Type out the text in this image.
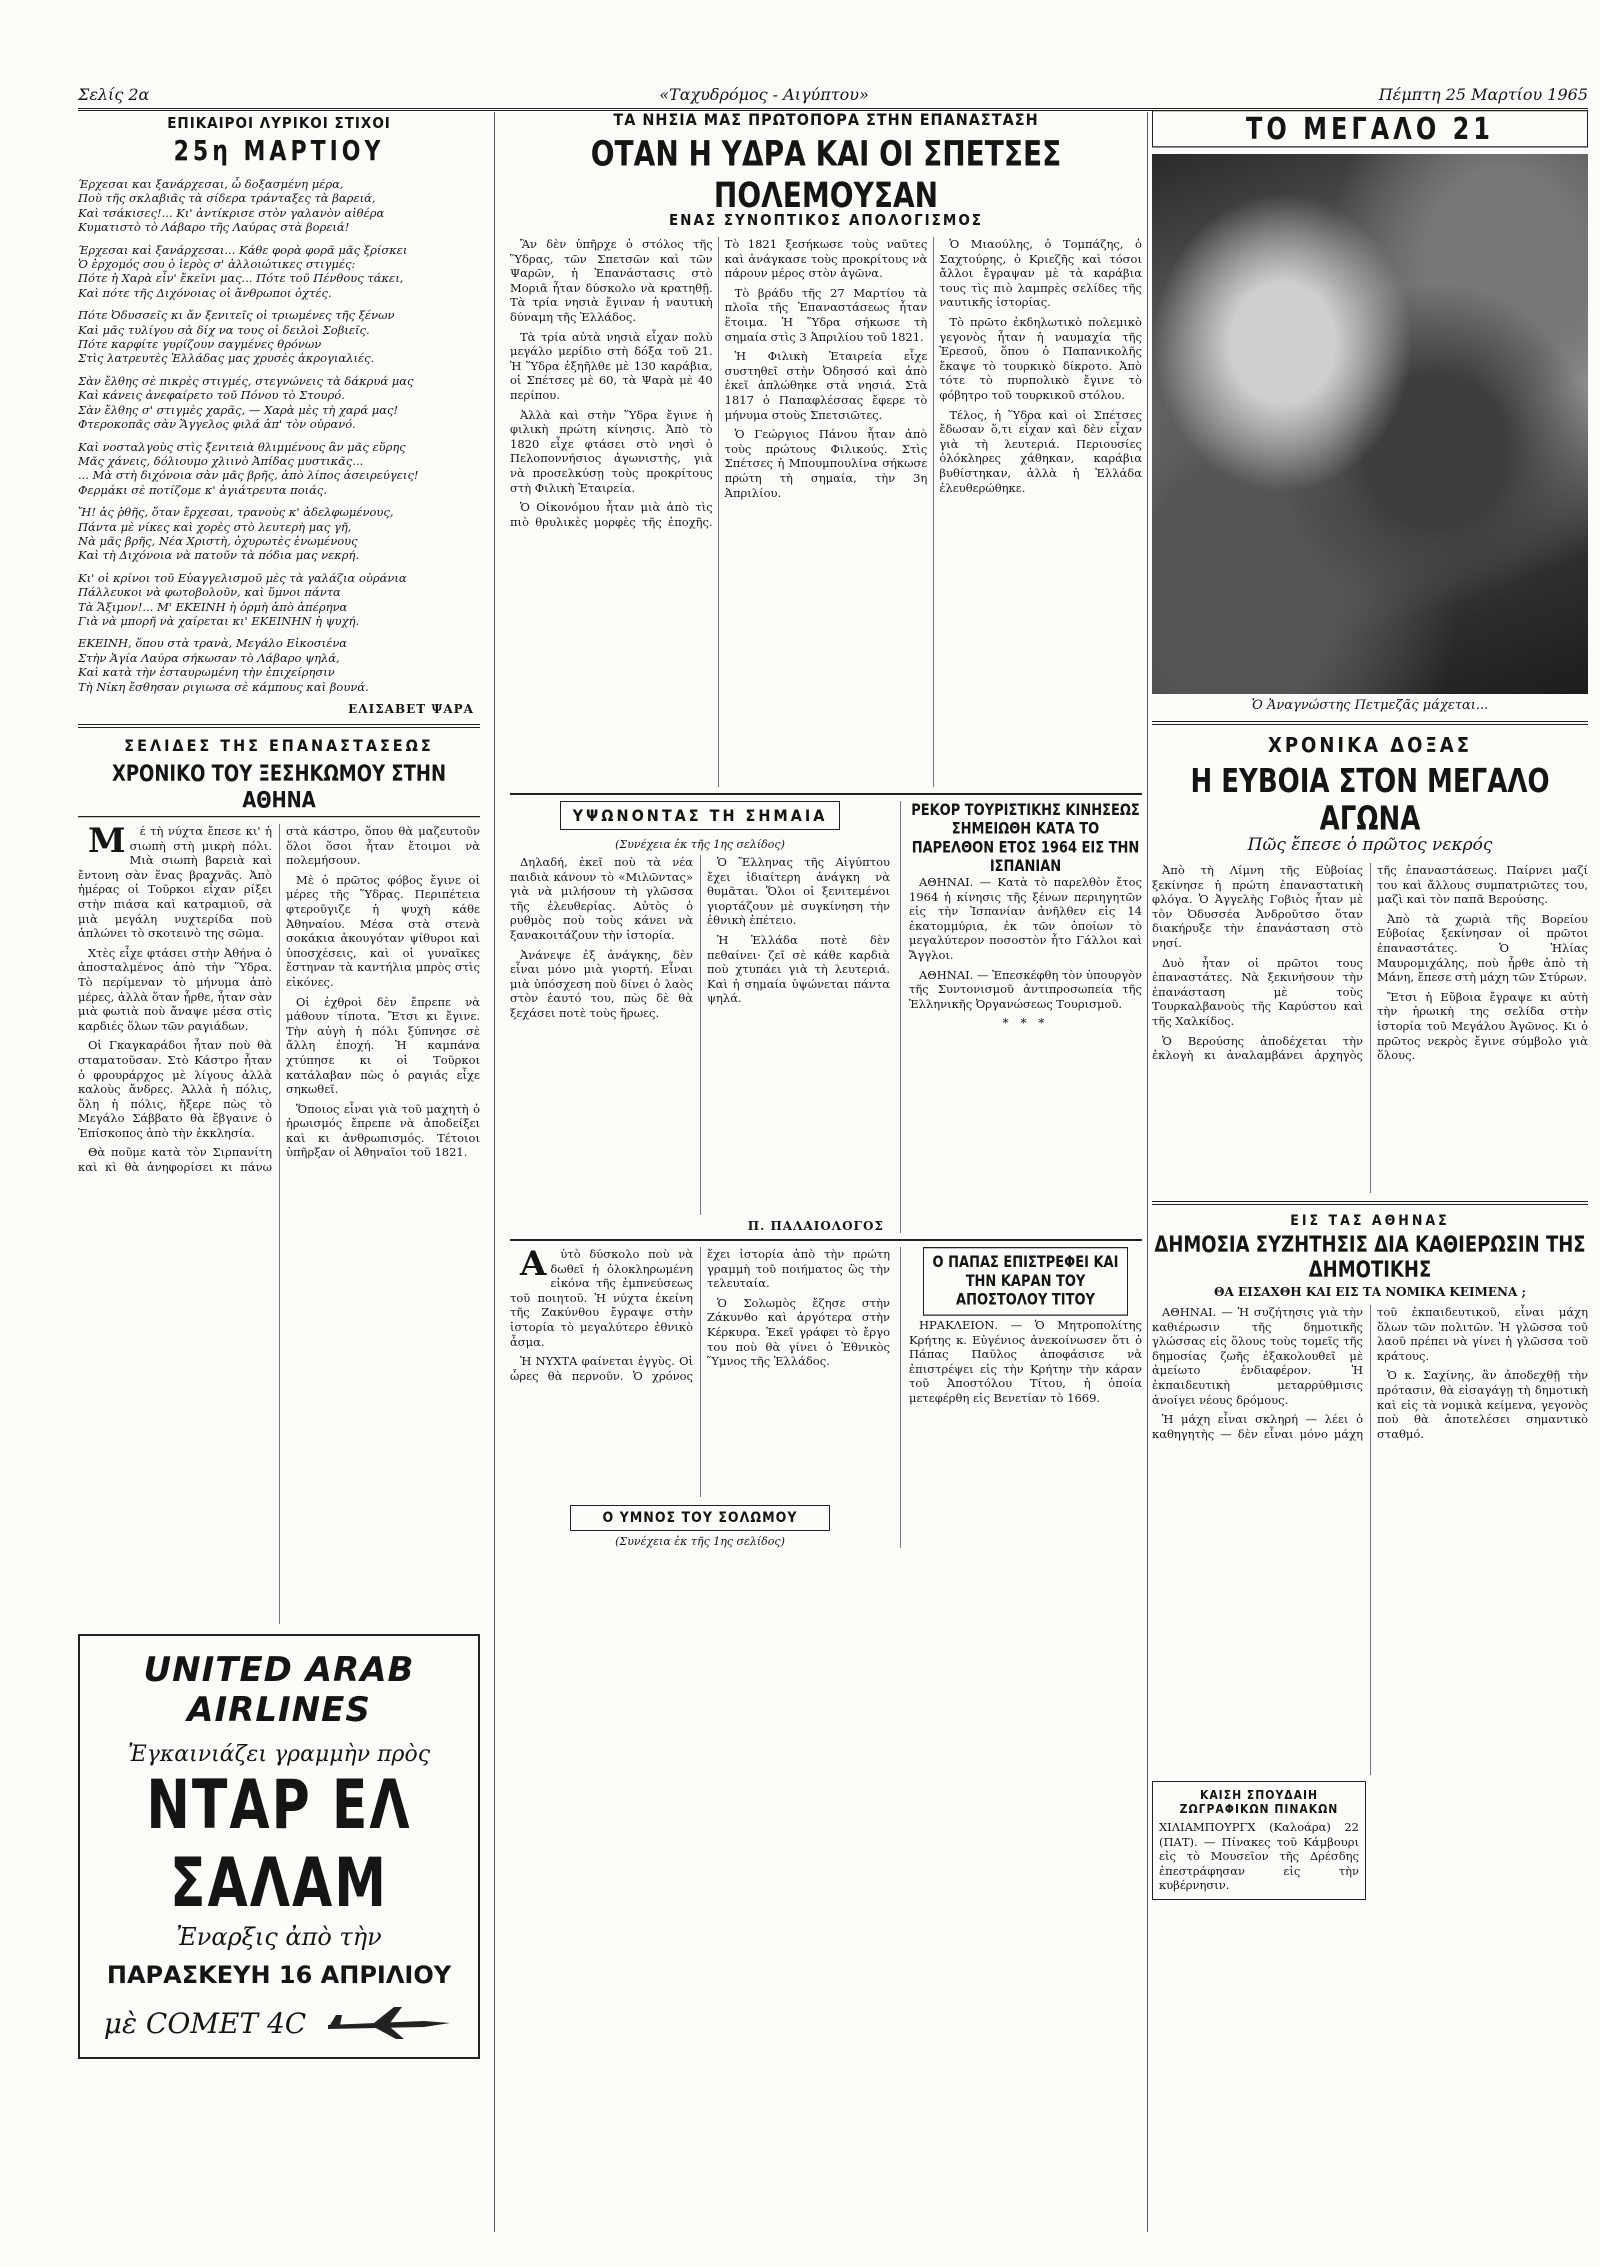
Σελίς 2α	«Ταχυδρόμος - Αιγύπτου»	Πέμπτη 25 Μαρτίου 1965
ΕΠΙΚΑΙΡΟΙ ΛΥΡΙΚΟΙ ΣΤΙΧΟΙ
25η ΜΑΡΤΙΟΥ

Έρχεσαι και ξανάρχεσαι, ὦ δοξασμένη μέρα,
Ποὺ τῆς σκλαβιᾶς τὰ σίδερα τράνταξες τὰ βαρειά,
Καὶ τσάκισες!... Κι' ἀντίκρισε στὸν γαλανὸν αἰθέρα
Κυματιστὸ τὸ Λάβαρο τῆς Λαύρας στὰ βορειά!

Έρχεσαι καὶ ξανάρχεσαι... Κάθε φορὰ φορᾶ μᾶς ξρίσκει
Ὁ ἐρχομός σου ὁ ἱερὸς σ' ἀλλοιώτικες στιγμές:
Πότε ἡ Χαρὰ εἶν' ἔκεῖνι μας... Πότε τοῦ Πένθους τάκει,
Καὶ πότε τῆς Διχόνοιας οἱ ἄνθρωποι ὀχτές.

Πότε Ὀδυσσεῖς κι ἄν ξενιτεῖς οἱ τριωμένες τῆς ξένων
Καὶ μᾶς τυλίγου σὰ δίχ να τους οἱ δειλοὶ Σοβιεῖς.
Πότε καρφίτε γυρίζουν σαγμένες θρόνων
Στὶς λατρευτὲς Ἑλλάδας μας χρυσὲς ἀκρογιαλιές.

Σὰν ἔλθης σὲ πικρὲς στιγμές, στεγνώνεις τὰ δάκρυά μας
Καὶ κάνεις ἀνεφαίρετο τοῦ Πόνου τὸ Στουρό.
Σὰν ἔλθης σ' στιγμὲς χαρᾶς, — Χαρὰ μὲς τὴ χαρά μας!
Φτεροκοπᾶς σὰν Ἄγγελος φιλά ἀπ' τὸν οὐρανό.

Καὶ νοσταλγοὺς στὶς ξενιτειὰ θλιμμένους ἂν μᾶς εὕρης
Μᾶς χάνεις, δόλιουμο χλιινὸ Ἀπίδας μυστικᾶς...
... Μὰ στὴ διχόνοια σὰν μᾶς βρῆς, ἀπὸ λίπος ἀσειρεύγεις!
Φερμάκι σὲ ποτίζομε κ' ἀγιάτρευτα ποιάς.

Ἤ! ἀς ῥθῆς, ὅταν ἔρχεσαι, τρανοὺς κ' ἀδελφωμένους,
Πάντα μὲ νίκες καὶ χορὲς στὸ λευτερὴ μας γῆ,
Νὰ μᾶς βρῆς, Νέα Χριστὴ, ὀχυρωτὲς ἐνωμένους
Καὶ τὴ Διχόνοια νὰ πατοῦν τὰ πόδια μας νεκρή.

Κι' οἱ κρίνοι τοῦ Εὐαγγελισμοῦ μὲς τὰ γαλάζια οὐράνια
Πάλλευκοι νὰ φωτοβολοῦν, καὶ ὕμνοι πάντα
Τὰ Ἄξιμον!... Μ' ΕΚΕΙΝΗ ἡ ὀρμὴ ἀπὸ ἀπέρηνα
Γιὰ νὰ μπορῆ νὰ χαίρεται κι' ΕΚΕΙΝΗΝ ἡ ψυχή.

ΕΚΕΙΝΗ, ὅπου στὰ τρανὰ, Μεγάλο Εἰκοσιένα
Στὴν Ἁγία Λαύρα σήκωσαν τὸ Λάβαρο ψηλά,
Καὶ κατὰ τὴν ἐσταυρωμένη τὴν ἐπιχείρησιν
Τὴ Νίκη ἔσθησαν ριγιωσα σὲ κάμπους καὶ βουνά.

ΕΛΙΣΑΒΕΤ ΨΑΡΑ
ΣΕΛΙΔΕΣ ΤΗΣ ΕΠΑΝΑΣΤΑΣΕΩΣ
ΧΡΟΝΙΚΟ ΤΟΥ ΞΕΣΗΚΩΜΟΥ ΣΤΗΝ ΑΘΗΝΑ

Μέ τὴ νύχτα ἔπεσε κι' ἡ σιωπὴ στὴ μικρὴ πόλι. Μιὰ σιωπὴ βαρειὰ καὶ ἔντονη σὰν ἕνας βραχνᾶς. Ἀπὸ ἡμέρας οἱ Τοῦρκοι εἶχαν ρίξει στὴν πιάσα καὶ κατραμιοῦ, σὰ μιὰ μεγάλη νυχτερίδα ποὺ ἁπλώνει τὸ σκοτεινὸ της σῶμα.

Χτὲς εἶχε φτάσει στὴν Ἀθήνα ὁ ἀποσταλμένος ἀπὸ τὴν Ὕδρα. Τὸ περίμεναν τὸ μήνυμα ἀπὸ μέρες, ἀλλὰ ὅταν ἦρθε, ἦταν σὰν μιὰ φωτιὰ ποὺ ἄναψε μέσα στὶς καρδιές ὅλων τῶν ραγιάδων.

Οἱ Γκαγκαράδοι ἦταν ποὺ θὰ σταματοῦσαν. Στὸ Κάστρο ἦταν ὁ φρουράρχος μὲ λίγους ἀλλὰ καλοὺς ἄνδρες. Ἀλλὰ ἡ πόλις, ὅλη ἡ πόλις, ἤξερε πὼς τὸ Μεγάλο Σάββατο θὰ ἔβγαινε ὁ Ἐπίσκοπος ἀπὸ τὴν ἐκκλησία.

Θὰ ποῦμε κατὰ τὸν Σιρπανίτη καὶ κὶ θὰ ἀνηφορίσει κι πάνω στὰ κάστρο, ὅπου θὰ μαζευτοῦν ὅλοι ὅσοι ἦταν ἔτοιμοι νὰ πολεμήσουν.

Μὲ ὁ πρῶτος φόβος ἔγινε οἱ μέρες τῆς Ὕδρας. Περιπέτεια φτεροῦγιζε ἡ ψυχὴ κάθε Ἀθηναίου. Μέσα στὰ στενὰ σοκάκια ἀκουγόταν ψίθυροι καὶ ὑποσχέσεις, καὶ οἱ γυναῖκες ἔστηναν τὰ καντήλια μπρὸς στὶς εἰκόνες.

Οἱ ἐχθροὶ δὲν ἔπρεπε νὰ μάθουν τίποτα. Ἔτσι κι ἔγινε. Τὴν αὐγὴ ἡ πόλι ξύπνησε σὲ ἄλλη ἐποχή. Ἡ καμπάνα χτύπησε κι οἱ Τοῦρκοι κατάλαβαν πὼς ὁ ραγιάς εἶχε σηκωθεῖ.

Ὅποιος εἶναι γιὰ τοῦ μαχητὴ ὁ ἡρωισμός ἔπρεπε νὰ ἀποδείξει καὶ κι ἀνθρωπισμός. Τέτοιοι ὑπῆρξαν οἱ Ἀθηναῖοι τοῦ 1821.

UNITED ARAB AIRLINES
Ἐγκαινιάζει γραμμὴν πρὸς
ΝΤΑΡ ΕΛ ΣΑΛΑΜ
Ἐναρξις ἀπὸ τὴν
ΠΑΡΑΣΚΕΥΗ 16 ΑΠΡΙΛΙΟΥ
μὲ COMET 4C
ΤΑ ΝΗΣΙΑ ΜΑΣ ΠΡΩΤΟΠΟΡΑ ΣΤΗΝ ΕΠΑΝΑΣΤΑΣΗ
ΟΤΑΝ Η ΥΔΡΑ ΚΑΙ ΟΙ ΣΠΕΤΣΕΣ ΠΟΛΕΜΟΥΣΑΝ
ΕΝΑΣ ΣΥΝΟΠΤΙΚΟΣ ΑΠΟΛΟΓΙΣΜΟΣ

Ἂν δὲν ὑπῆρχε ὁ στόλος τῆς Ὕδρας, τῶν Σπετσῶν καὶ τῶν Ψαρῶν, ἡ Ἐπανάστασις στὸ Μοριᾶ ἦταν δύσκολο νὰ κρατηθῇ. Τὰ τρία νησιὰ ἔγιναν ἡ ναυτικὴ δύναμη τῆς Ἑλλάδος.

Τὰ τρία αὐτὰ νησιὰ εἶχαν πολὺ μεγάλο μερίδιο στὴ δόξα τοῦ 21. Ἡ Ὕδρα ἐξηῆλθε μὲ 130 καράβια, οἱ Σπέτσες μὲ 60, τὰ Ψαρὰ μὲ 40 περίπου.

Ἀλλὰ καὶ στὴν Ὕδρα ἔγινε ἡ φιλικὴ πρώτη κίνησις. Ἀπὸ τὸ 1820 εἶχε φτάσει στὸ νησὶ ὁ Πελοποννήσιος ἀγωνιστὴς, γιὰ νὰ προσελκύσῃ τοὺς προκρίτους στὴ Φιλικὴ Ἑταιρεία.

Ὁ Οἰκονόμου ἦταν μιὰ ἀπὸ τὶς πιὸ θρυλικὲς μορφὲς τῆς ἐποχῆς. Τὸ 1821 ξεσήκωσε τοὺς ναῦτες καὶ ἀνάγκασε τοὺς προκρίτους νὰ πάρουν μέρος στὸν ἀγῶνα.

Τὸ βράδυ τῆς 27 Μαρτίου τὰ πλοῖα τῆς Ἐπαναστάσεως ἦταν ἕτοιμα. Ἡ Ὕδρα σήκωσε τὴ σημαία στὶς 3 Ἀπριλίου τοῦ 1821.

Ἡ Φιλικὴ Ἑταιρεία εἶχε συστηθεῖ στὴν Ὀδησσό καὶ ἀπὸ ἐκεῖ ἁπλώθηκε στὰ νησιά. Στὰ 1817 ὁ Παπαφλέσσας ἔφερε τὸ μήνυμα στοὺς Σπετσιῶτες.

Ὁ Γεώργιος Πάνου ἦταν ἀπὸ τοὺς πρώτους Φιλικούς. Στὶς Σπέτσες ἡ Μπουμπουλίνα σήκωσε πρώτη τὴ σημαία, τὴν 3η Ἀπριλίου.

Ὁ Μιαούλης, ὁ Τομπάζης, ὁ Σαχτούρης, ὁ Κριεζῆς καὶ τόσοι ἄλλοι ἔγραψαν μὲ τὰ καράβια τους τὶς πιὸ λαμπρὲς σελίδες τῆς ναυτικῆς ἱστορίας.

Τὸ πρῶτο ἐκδηλωτικὸ πολεμικὸ γεγονὸς ἦταν ἡ ναυμαχία τῆς Ἐρεσοῦ, ὅπου ὁ Παπανικολῆς ἔκαψε τὸ τουρκικὸ δίκροτο. Ἀπὸ τότε τὸ πυρπολικὸ ἔγινε τὸ φόβητρο τοῦ τουρκικοῦ στόλου.

Τέλος, ἡ Ὕδρα καὶ οἱ Σπέτσες ἔδωσαν ὅ,τι εἶχαν καὶ δὲν εἶχαν γιὰ τὴ λευτεριά. Περιουσίες ὁλόκληρες χάθηκαν, καράβια βυθίστηκαν, ἀλλὰ ἡ Ἑλλάδα ἐλευθερώθηκε.

ΥΨΩΝΟΝΤΑΣ ΤΗ ΣΗΜΑΙΑ
(Συνέχεια ἐκ τῆς 1ης σελίδος)

Δηλαδή, ἐκεῖ ποὺ τὰ νέα παιδιὰ κάνουν τὸ «Μιλῶντας» γιὰ νὰ μιλήσουν τὴ γλῶσσα τῆς ἐλευθερίας. Αὐτὸς ὁ ρυθμὸς ποὺ τοὺς κάνει νὰ ξανακοιτάζουν τὴν ἱστορία.

Ἀνάνεψε ἐξ ἀνάγκης, δὲν εἶναι μόνο μιὰ γιορτή. Εἶναι μιὰ ὑπόσχεση ποὺ δίνει ὁ λαὸς στὸν ἑαυτό του, πὼς δὲ θὰ ξεχάσει ποτὲ τοὺς ἥρωες.

Ὁ Ἕλληνας τῆς Αἰγύπτου ἔχει ἱδιαίτερη ἀνάγκη νὰ θυμᾶται. Ὅλοι οἱ ξενιτεμένοι γιορτάζουν μὲ συγκίνηση τὴν ἐθνικὴ ἐπέτειο.

Ἡ Ἑλλάδα ποτὲ δὲν πεθαίνει· ζεῖ σὲ κάθε καρδιὰ ποὺ χτυπάει γιὰ τὴ λευτεριά. Καὶ ἡ σημαία ὑψώνεται πάντα ψηλά.

Π. ΠΑΛΑΙΟΛΟΓΟΣ
ΡΕΚΟΡ ΤΟΥΡΙΣΤΙΚΗΣ ΚΙΝΗΣΕΩΣ ΣΗΜΕΙΩΘΗ ΚΑΤΑ ΤΟ ΠΑΡΕΛΘΟΝ ΕΤΟΣ 1964 ΕΙΣ ΤΗΝ ΙΣΠΑΝΙΑΝ

ΑΘΗΝΑΙ. — Κατὰ τὸ παρελθὸν ἔτος 1964 ἡ κίνησις τῆς ξένων περιηγητῶν εἰς τὴν Ἱσπανίαν ἀνῆλθεν εἰς 14 ἑκατομμύρια, ἐκ τῶν ὁποίων τὸ μεγαλύτερον ποσοστὸν ἦτο Γάλλοι καὶ Ἄγγλοι.

ΑΘΗΝΑΙ. — Ἐπεσκέφθη τὸν ὑπουργὸν τῆς Συντονισμοῦ ἀντιπροσωπεία τῆς Ἑλληνικῆς Ὀργανώσεως Τουρισμοῦ.

* * *

Αὐτὸ δύσκολο ποὺ νὰ δωθεῖ ἡ ὁλοκληρωμένη εἰκόνα τῆς ἐμπνεύσεως τοῦ ποιητοῦ. Ἡ νύχτα ἐκείνη τῆς Ζακύνθου ἔγραψε στὴν ἱστορία τὸ μεγαλύτερο ἐθνικὸ ἆσμα.

Ἡ ΝΥΧΤΑ φαίνεται ἐγγὺς. Οἱ ὧρες θὰ περνοῦν. Ὁ χρόνος ἔχει ἱστορία ἀπὸ τὴν πρώτη γραμμὴ τοῦ ποιήματος ὣς τὴν τελευταία.

Ὁ Σολωμὸς ἔζησε στὴν Ζάκυνθο καὶ ἀργότερα στὴν Κέρκυρα. Ἐκεῖ γράφει τὸ ἔργο του ποὺ θὰ γίνει ὁ Ἐθνικὸς Ὕμνος τῆς Ἑλλάδος.

Ο ΥΜΝΟΣ ΤΟΥ ΣΟΛΩΜΟΥ
(Συνέχεια ἐκ τῆς 1ης σελίδος)
Ο ΠΑΠΑΣ ΕΠΙΣΤΡΕΦΕΙ ΚΑΙ ΤΗΝ ΚΑΡΑΝ ΤΟΥ ΑΠΟΣΤΟΛΟΥ ΤΙΤΟΥ

ΗΡΑΚΛΕΙΟΝ. — Ὁ Μητροπολίτης Κρήτης κ. Εὐγένιος ἀνεκοίνωσεν ὅτι ὁ Πάπας Παῦλος ἀποφάσισε νὰ ἐπιστρέψει εἰς τὴν Κρήτην τὴν κάραν τοῦ Ἀποστόλου Τίτου, ἡ ὁποία μετεφέρθη εἰς Βενετίαν τὸ 1669.

ΤΟ ΜΕΓΑΛΟ 21
Ὁ Ἀναγνώστης Πετμεζᾶς μάχεται...
ΧΡΟΝΙΚΑ ΔΟΞΑΣ
Η ΕΥΒΟΙΑ ΣΤΟΝ ΜΕΓΑΛΟ ΑΓΩΝΑ
Πῶς ἔπεσε ὁ πρῶτος νεκρός

Ἀπὸ τὴ Λίμνη τῆς Εὐβοίας ξεκίνησε ἡ πρώτη ἐπαναστατικὴ φλόγα. Ὁ Ἀγγελὴς Γοβιὸς ἦταν μὲ τὸν Ὀδυσσέα Ἀνδροῦτσο ὅταν διακήρυξε τὴν ἐπανάσταση στὸ νησί.

Δυὸ ἦταν οἱ πρῶτοι τους ἐπαναστάτες. Νὰ ξεκινήσουν τὴν ἐπανάσταση μὲ τοὺς Τουρκαλβανοὺς τῆς Καρύστου καὶ τῆς Χαλκίδος.

Ὁ Βερούσης ἀποδέχεται τὴν ἐκλογὴ κι ἀναλαμβάνει ἀρχηγὸς τῆς ἐπαναστάσεως. Παίρνει μαζί του καὶ ἄλλους συμπατριῶτες του, μαζὶ καὶ τὸν παπᾶ Βερούσης.

Ἀπὸ τὰ χωριὰ τῆς Βορείου Εὐβοίας ξεκίνησαν οἱ πρῶτοι ἐπαναστάτες. Ὁ Ἠλίας Μαυρομιχάλης, ποὺ ἦρθε ἀπὸ τὴ Μάνη, ἔπεσε στὴ μάχη τῶν Στύρων.

Ἔτσι ἡ Εὔβοια ἔγραψε κι αὐτὴ τὴν ἡρωικὴ της σελίδα στὴν ἱστορία τοῦ Μεγάλου Ἀγῶνος. Κι ὁ πρῶτος νεκρὸς ἔγινε σύμβολο γιὰ ὅλους.

ΕΙΣ ΤΑΣ ΑΘΗΝΑΣ
ΔΗΜΟΣΙΑ ΣΥΖΗΤΗΣΙΣ ΔΙΑ ΚΑΘΙΕΡΩΣΙΝ ΤΗΣ ΔΗΜΟΤΙΚΗΣ
ΘΑ ΕΙΣΑΧΘΗ ΚΑΙ ΕΙΣ ΤΑ ΝΟΜΙΚΑ ΚΕΙΜΕΝΑ ;

ΑΘΗΝΑΙ. — Ἡ συζήτησις γιὰ τὴν καθιέρωσιν τῆς δημοτικῆς γλώσσας εἰς ὅλους τοὺς τομεῖς τῆς δημοσίας ζωῆς ἐξακολουθεῖ μὲ ἀμείωτο ἐνδιαφέρον. Ἡ ἐκπαιδευτικὴ μεταρρύθμισις ἀνοίγει νέους δρόμους.

Ἡ μάχη εἶναι σκληρή — λέει ὁ καθηγητὴς — δὲν εἶναι μόνο μάχη τοῦ ἐκπαιδευτικοῦ, εἶναι μάχη ὅλων τῶν πολιτῶν. Ἡ γλῶσσα τοῦ λαοῦ πρέπει νὰ γίνει ἡ γλῶσσα τοῦ κράτους.

Ὁ κ. Σαχίνης, ἂν ἀποδεχθῇ τὴν πρότασιν, θὰ εἰσαγάγῃ τὴ δημοτικὴ καὶ εἰς τὰ νομικὰ κείμενα, γεγονὸς ποὺ θὰ ἀποτελέσει σημαντικὸ σταθμό.

ΚΑΙΣΗ ΣΠΟΥΔΑΙΗ ΖΩΓΡΑΦΙΚΩΝ ΠΙΝΑΚΩΝ
ΧΙΛΙΑΜΠΟΥΡΓΧ (Καλοάρα) 22 (ΠΑΤ). — Πίνακες τοῦ Κάμβουρι εἰς τὸ Μουσεῖον τῆς Δρέσδης ἐπεστράφησαν εἰς τὴν κυβέρνησιν.
